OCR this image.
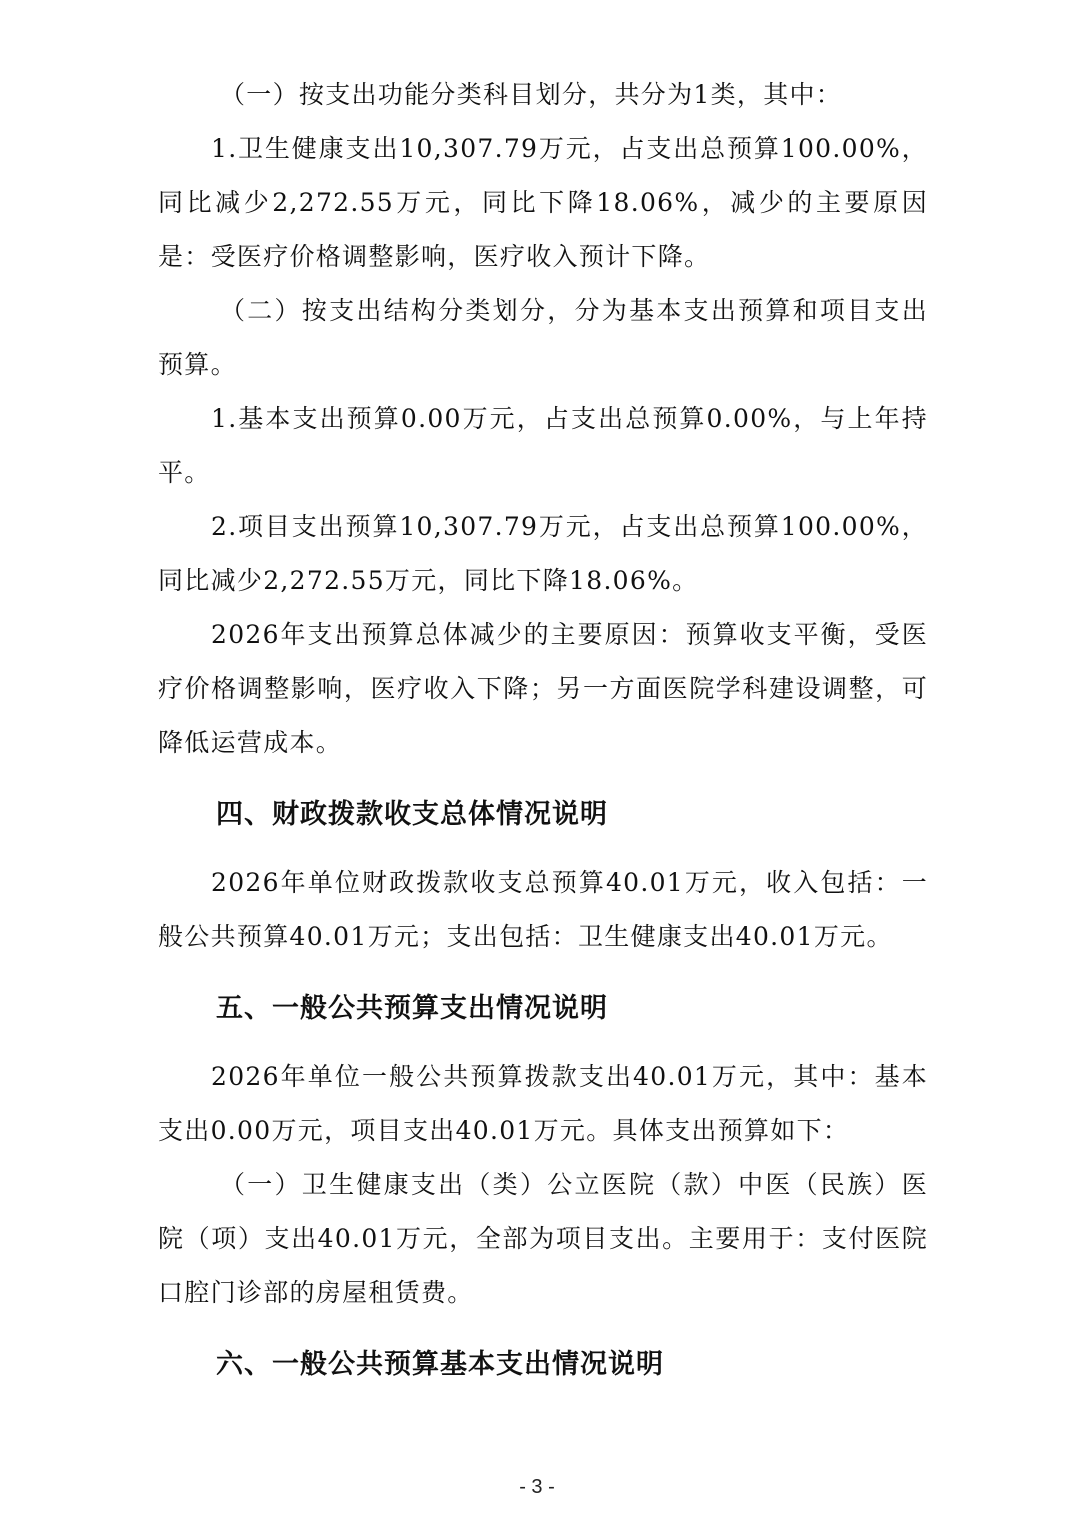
（一）按支出功能分类科目划分，共分为1类，其中：

1.卫生健康支出10,307.79万元，占支出总预算100.00%，同比减少2,272.55万元，同比下降18.06%，减少的主要原因是：受医疗价格调整影响，医疗收入预计下降。

（二）按支出结构分类划分，分为基本支出预算和项目支出预算。

1.基本支出预算0.00万元，占支出总预算0.00%，与上年持平。

2.项目支出预算10,307.79万元，占支出总预算100.00%，同比减少2,272.55万元，同比下降18.06%。

2026年支出预算总体减少的主要原因：预算收支平衡，受医疗价格调整影响，医疗收入下降；另一方面医院学科建设调整，可降低运营成本。

四、财政拨款收支总体情况说明

2026年单位财政拨款收支总预算40.01万元，收入包括：一般公共预算40.01万元；支出包括：卫生健康支出40.01万元。

五、一般公共预算支出情况说明

2026年单位一般公共预算拨款支出40.01万元，其中：基本支出0.00万元，项目支出40.01万元。具体支出预算如下：

（一）卫生健康支出（类）公立医院（款）中医（民族）医院（项）支出40.01万元，全部为项目支出。主要用于：支付医院口腔门诊部的房屋租赁费。

六、一般公共预算基本支出情况说明
- 3 -
